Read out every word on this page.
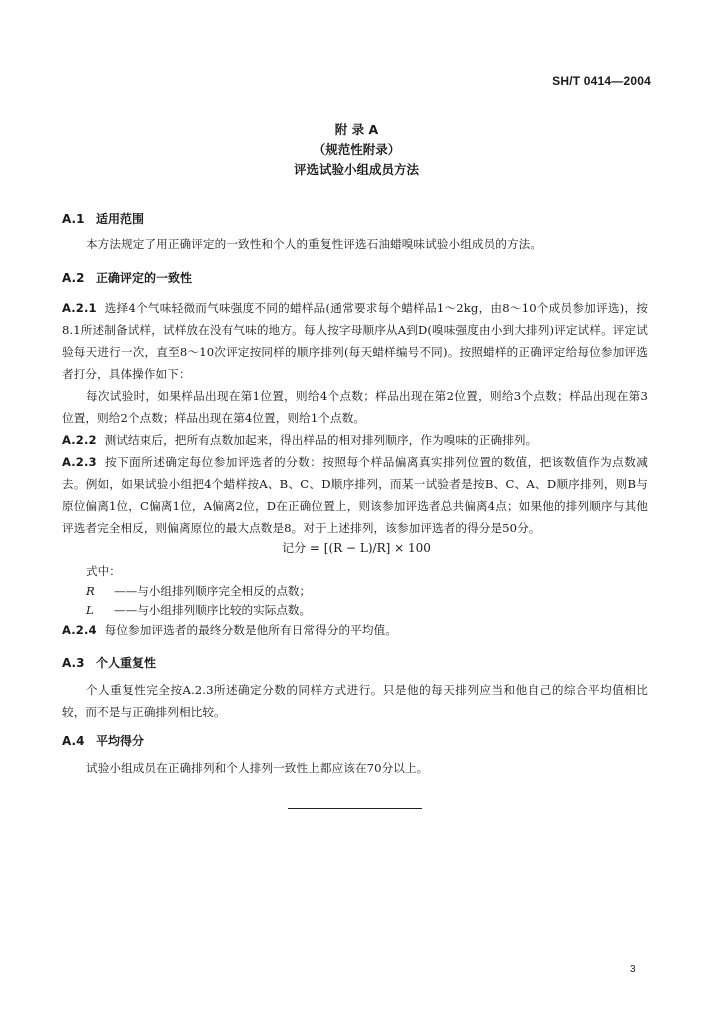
SH/T 0414—2004
附 录 A
（规范性附录）
评选试验小组成员方法
A.1 适用范围
本方法规定了用正确评定的一致性和个人的重复性评选石油蜡嗅味试验小组成员的方法。
A.2 正确评定的一致性
A.2.1 选择4个气味轻微而气味强度不同的蜡样品(通常要求每个蜡样品1～2kg，由8～10个成员参加评选)，按8.1所述制备试样，试样放在没有气味的地方。每人按字母顺序从A到D(嗅味强度由小到大排列)评定试样。评定试验每天进行一次，直至8～10次评定按同样的顺序排列(每天蜡样编号不同)。按照蜡样的正确评定给每位参加评选者打分，具体操作如下：
每次试验时，如果样品出现在第1位置，则给4个点数；样品出现在第2位置，则给3个点数；样品出现在第3位置，则给2个点数；样品出现在第4位置，则给1个点数。
A.2.2 测试结束后，把所有点数加起来，得出样品的相对排列顺序，作为嗅味的正确排列。
A.2.3 按下面所述确定每位参加评选者的分数：按照每个样品偏离真实排列位置的数值，把该数值作为点数减去。例如，如果试验小组把4个蜡样按A、B、C、D顺序排列，而某一试验者是按B、C、A、D顺序排列，则B与原位偏离1位，C偏离1位，A偏离2位，D在正确位置上，则该参加评选者总共偏离4点；如果他的排列顺序与其他评选者完全相反，则偏离原位的最大点数是8。对于上述排列，该参加评选者的得分是50分。
记分 = [(R − L)/R] × 100
式中：
R ——与小组排列顺序完全相反的点数；
L ——与小组排列顺序比较的实际点数。
A.2.4 每位参加评选者的最终分数是他所有日常得分的平均值。
A.3 个人重复性
个人重复性完全按A.2.3所述确定分数的同样方式进行。只是他的每天排列应当和他自己的综合平均值相比较，而不是与正确排列相比较。
A.4 平均得分
试验小组成员在正确排列和个人排列一致性上都应该在70分以上。
3
